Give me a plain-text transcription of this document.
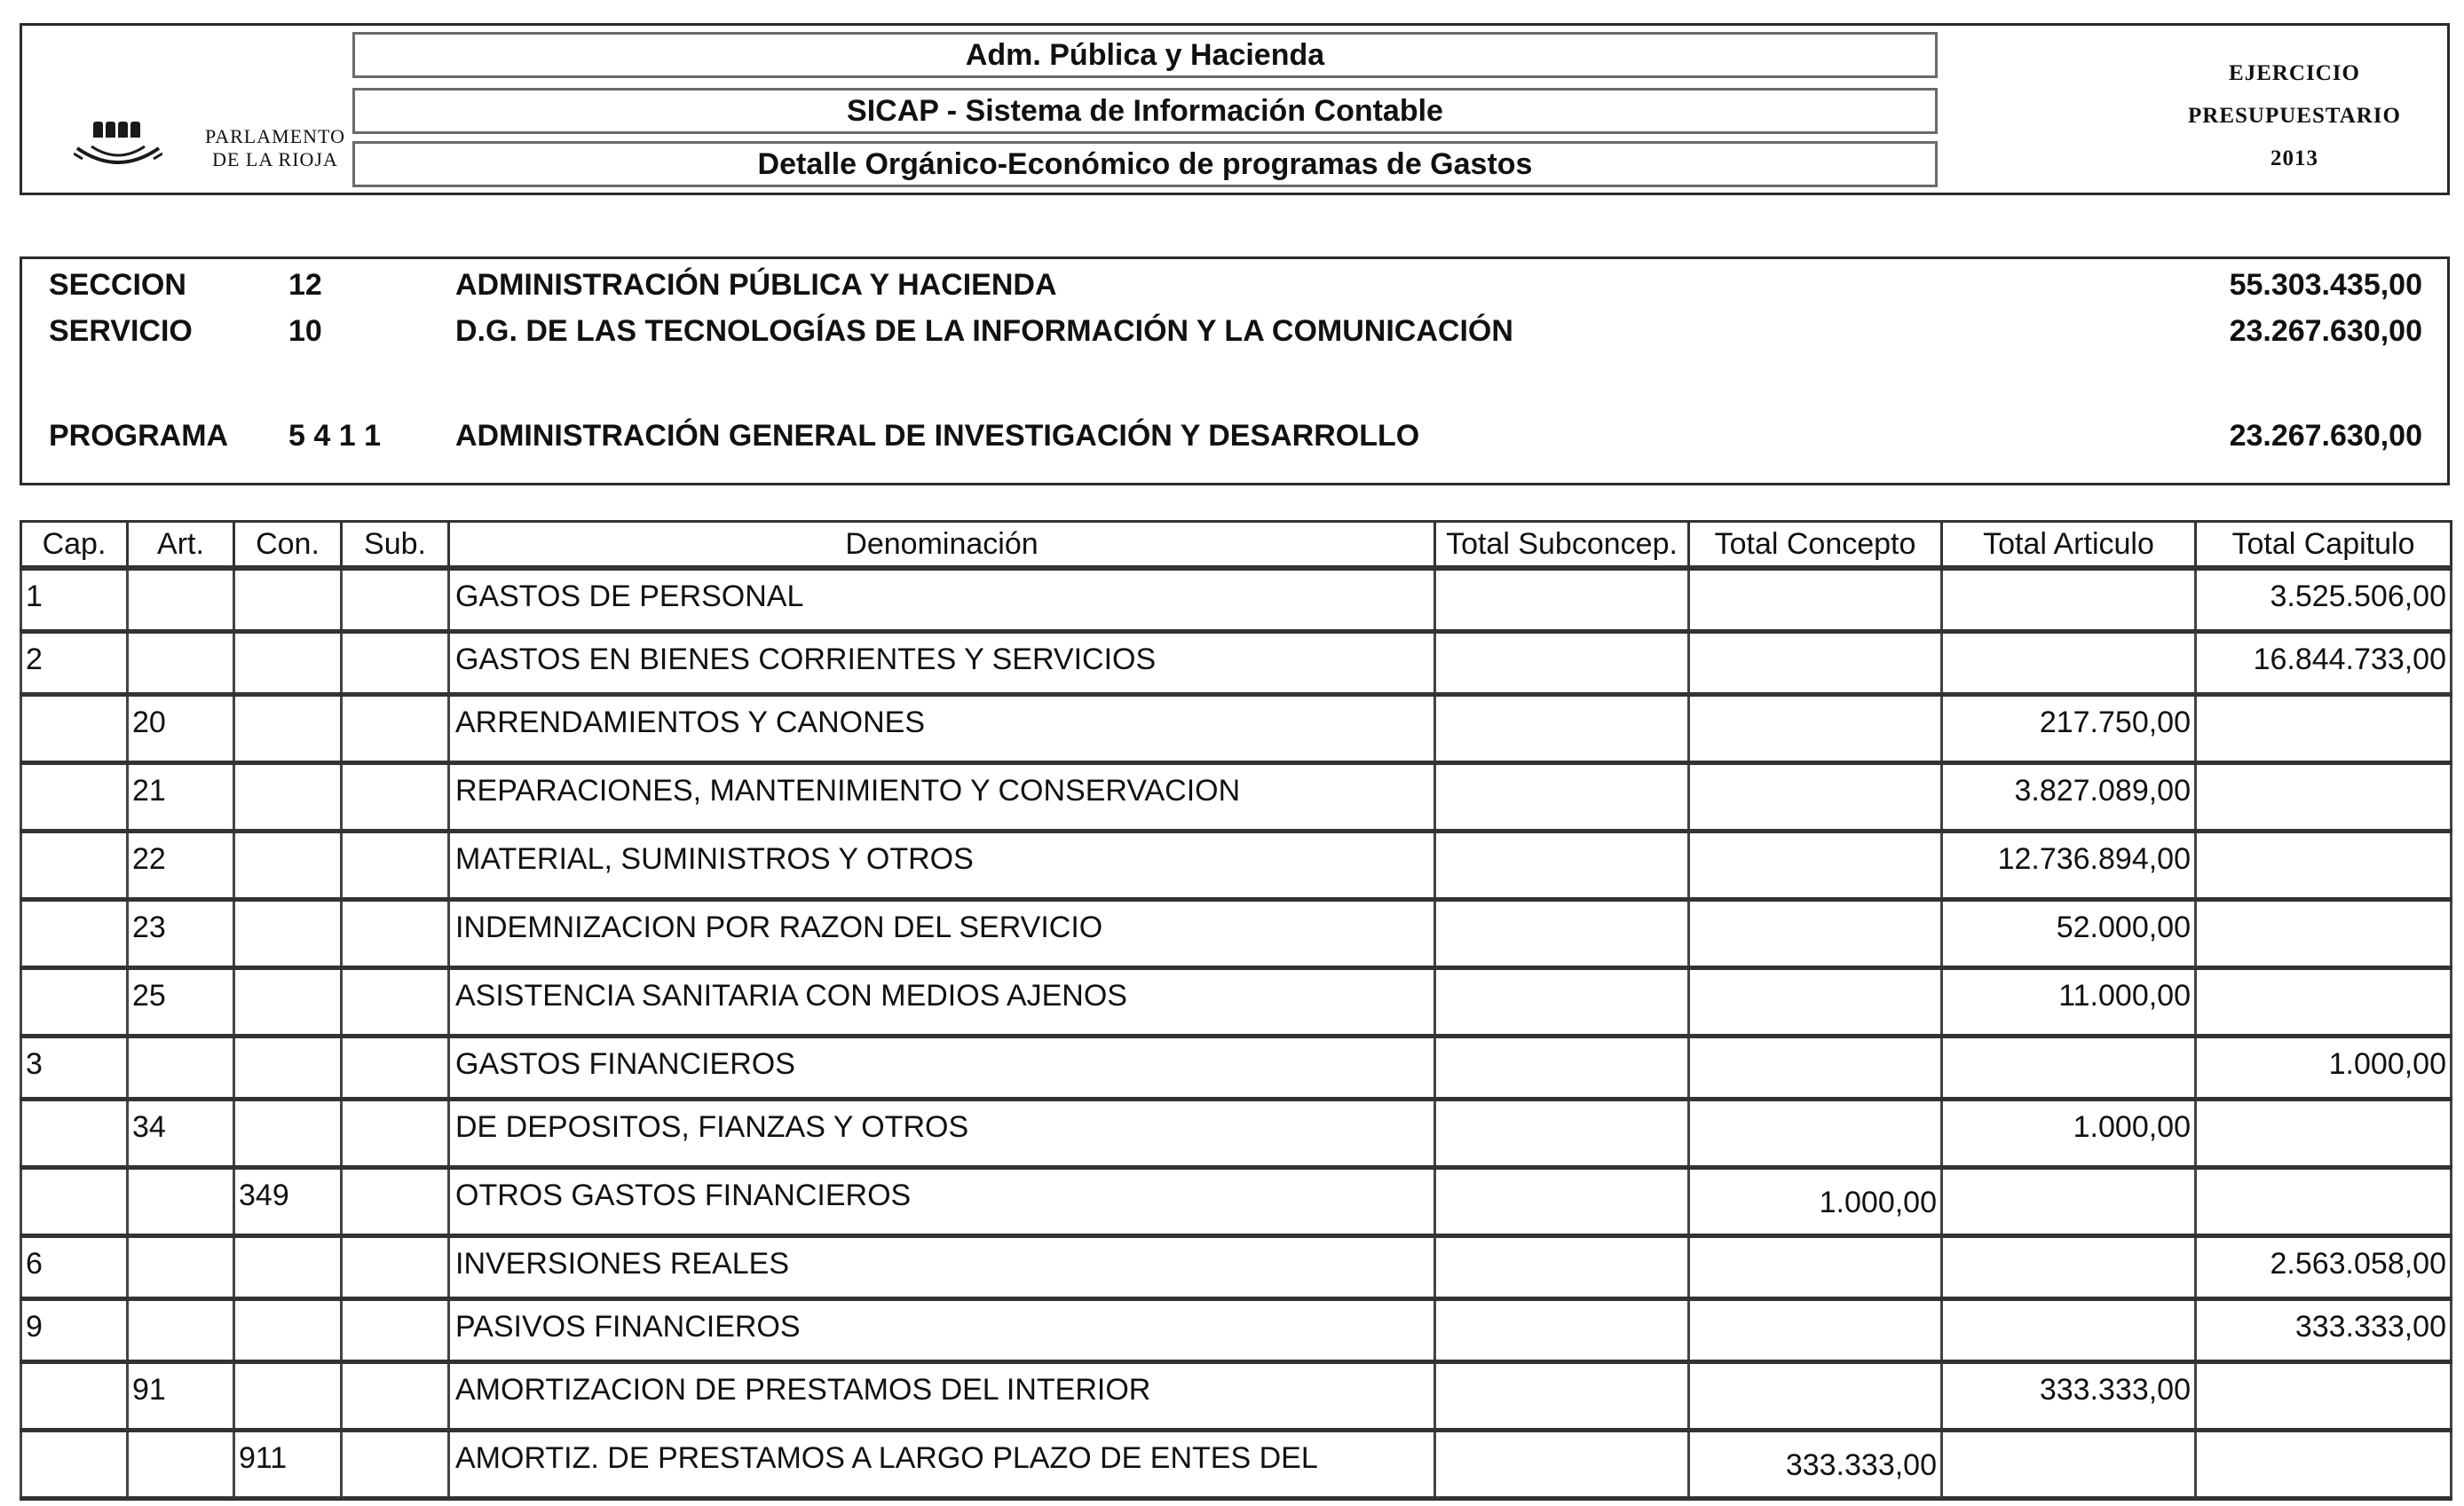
PARLAMENTO
DE LA RIOJA
Adm. Pública y Hacienda
SICAP - Sistema de Información Contable
Detalle Orgánico-Económico de programas de Gastos
EJERCICIO
PRESUPUESTARIO
2013
SECCION	12	ADMINISTRACIÓN PÚBLICA Y HACIENDA	55.303.435,00
SERVICIO	10	D.G. DE LAS TECNOLOGÍAS DE LA INFORMACIÓN Y LA COMUNICACIÓN	23.267.630,00
PROGRAMA 5 4 1 1 ADMINISTRACIÓN GENERAL DE INVESTIGACIÓN Y DESARROLLO	23.267.630,00
Cap.	Art.	Con.	Sub.	Denominación	Total Subconcep.	Total Concepto	Total Articulo	Total Capitulo

1				GASTOS DE PERSONAL				3.525.506,00

2				GASTOS EN BIENES CORRIENTES Y SERVICIOS				16.844.733,00

	20			ARRENDAMIENTOS Y CANONES			217.750,00	

	21			REPARACIONES, MANTENIMIENTO Y CONSERVACION			3.827.089,00	

	22			MATERIAL, SUMINISTROS Y OTROS			12.736.894,00	

	23			INDEMNIZACION POR RAZON DEL SERVICIO			52.000,00	

	25			ASISTENCIA SANITARIA CON MEDIOS AJENOS			11.000,00	

3				GASTOS FINANCIEROS				1.000,00

	34			DE DEPOSITOS, FIANZAS Y OTROS			1.000,00	

		349		OTROS GASTOS FINANCIEROS		1.000,00		

6				INVERSIONES REALES				2.563.058,00

9				PASIVOS FINANCIEROS				333.333,00

	91			AMORTIZACION DE PRESTAMOS DEL INTERIOR			333.333,00	

		911		AMORTIZ. DE PRESTAMOS A LARGO PLAZO DE ENTES DEL		333.333,00		
